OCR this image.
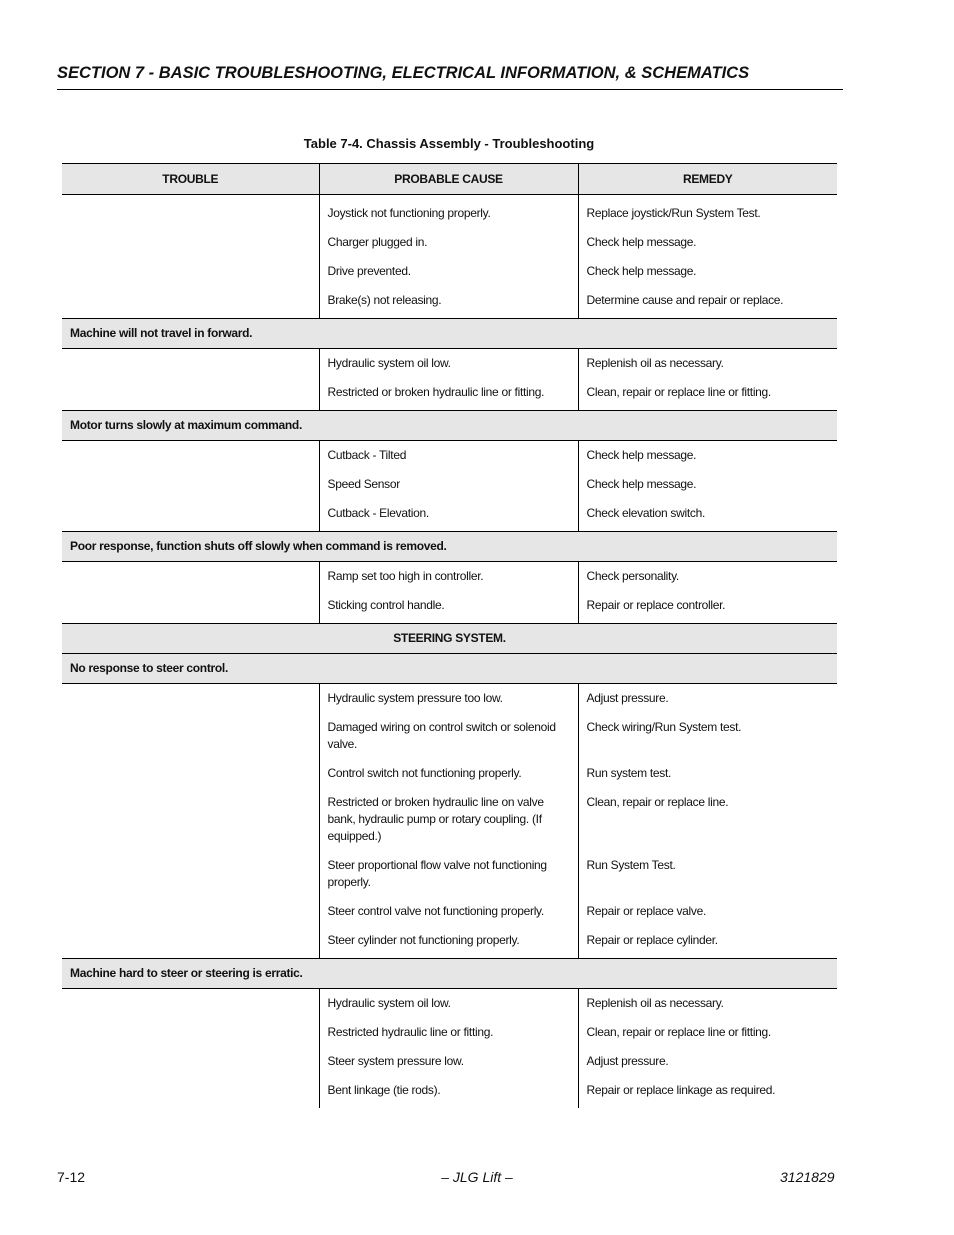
SECTION 7 - BASIC TROUBLESHOOTING, ELECTRICAL INFORMATION, & SCHEMATICS
Table 7-4. Chassis Assembly - Troubleshooting
TROUBLE	PROBABLE CAUSE	REMEDY

	Joystick not functioning properly.	Replace joystick/Run System Test.
	Charger plugged in.	Check help message.
	Drive prevented.	Check help message.
	Brake(s) not releasing.	Determine cause and repair or replace.
Machine will not travel in forward.		
	Hydraulic system oil low.	Replenish oil as necessary.
	Restricted or broken hydraulic line or fitting.	Clean, repair or replace line or fitting.
Motor turns slowly at maximum command.		
	Cutback - Tilted	Check help message.
	Speed Sensor	Check help message.
	Cutback - Elevation.	Check elevation switch.
Poor response, function shuts off slowly when command is removed.		
	Ramp set too high in controller.	Check personality.
	Sticking control handle.	Repair or replace controller.
STEERING SYSTEM.		
No response to steer control.		
	Hydraulic system pressure too low.	Adjust pressure.
	Damaged wiring on control switch or solenoid valve.	Check wiring/Run System test.
	Control switch not functioning properly.	Run system test.
	Restricted or broken hydraulic line on valve bank, hydraulic pump or rotary coupling. (If equipped.)	Clean, repair or replace line.
	Steer proportional flow valve not functioning properly.	Run System Test.
	Steer control valve not functioning properly.	Repair or replace valve.
	Steer cylinder not functioning properly.	Repair or replace cylinder.
Machine hard to steer or steering is erratic.		
	Hydraulic system oil low.	Replenish oil as necessary.
	Restricted hydraulic line or fitting.	Clean, repair or replace line or fitting.
	Steer system pressure low.	Adjust pressure.
	Bent linkage (tie rods).	Repair or replace linkage as required.
7-12	– JLG Lift –	3121829
